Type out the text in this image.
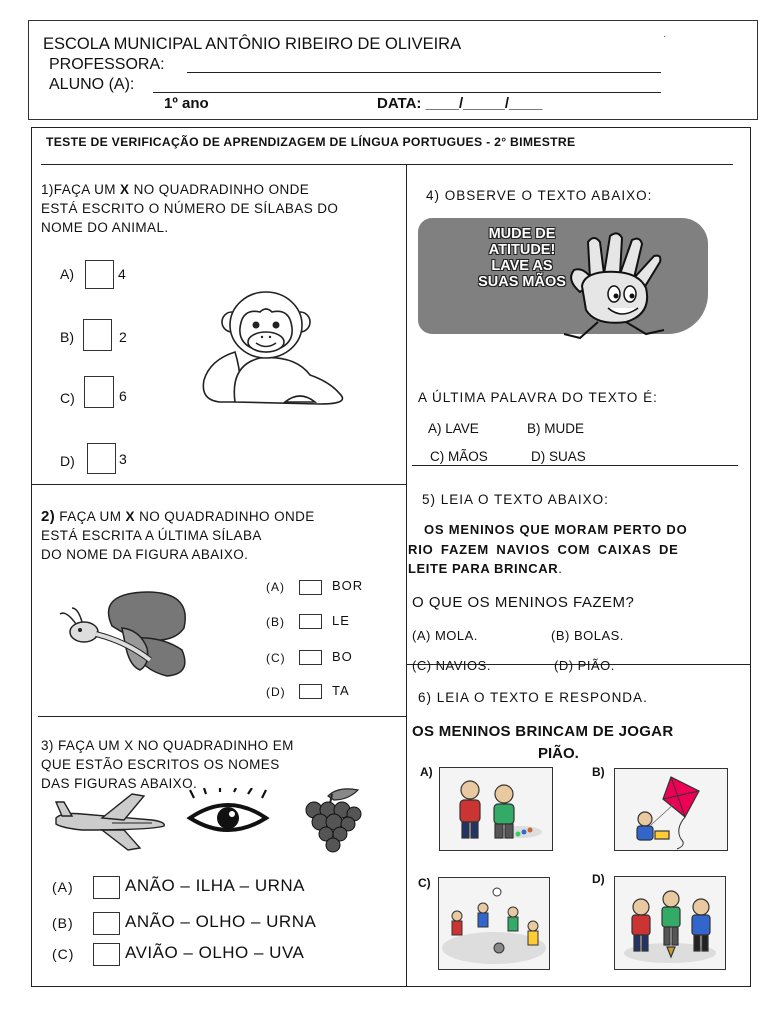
ESCOLA MUNICIPAL ANTÔNIO RIBEIRO DE OLIVEIRA
PROFESSORA:
ALUNO (A):
1º ano	DATA: ____/_____/____
·
TESTE DE VERIFICAÇÃO DE APRENDIZAGEM DE LÍNGUA PORTUGUES - 2° BIMESTRE
1)FAÇA UM X NO QUADRADINHO ONDE
ESTÁ ESCRITO O NÚMERO DE SÍLABAS DO
NOME DO ANIMAL.
A)	4
B)	2
C)	6
D)	3
2) FAÇA UM X NO QUADRADINHO ONDE
ESTÁ ESCRITA A ÚLTIMA SÍLABA
DO NOME DA FIGURA ABAIXO.
(A)	BOR
(B)	LE
(C)	BO
(D)	TA
3) FAÇA UM X NO QUADRADINHO EM
QUE ESTÃO ESCRITOS OS NOMES
DAS FIGURAS ABAIXO.
(A)	ANÃO – ILHA – URNA
(B)	ANÃO – OLHO – URNA
(C)	AVIÃO – OLHO – UVA
4) OBSERVE O TEXTO ABAIXO:
MUDE DE
ATITUDE!
LAVE AS
SUAS MÃOS
A ÚLTIMA PALAVRA DO TEXTO É:
A) LAVE	B) MUDE
C) MÃOS	D) SUAS
5) LEIA O TEXTO ABAIXO:
OS MENINOS QUE MORAM PERTO DO
RIO FAZEM NAVIOS COM CAIXAS DE
LEITE PARA BRINCAR.
O QUE OS MENINOS FAZEM?
(A) MOLA.	(B) BOLAS.
(C) NAVIOS.	(D) PIÃO.
6) LEIA O TEXTO E RESPONDA.
OS MENINOS BRINCAM DE JOGAR
PIÃO.
A)	B)
C)	D)
